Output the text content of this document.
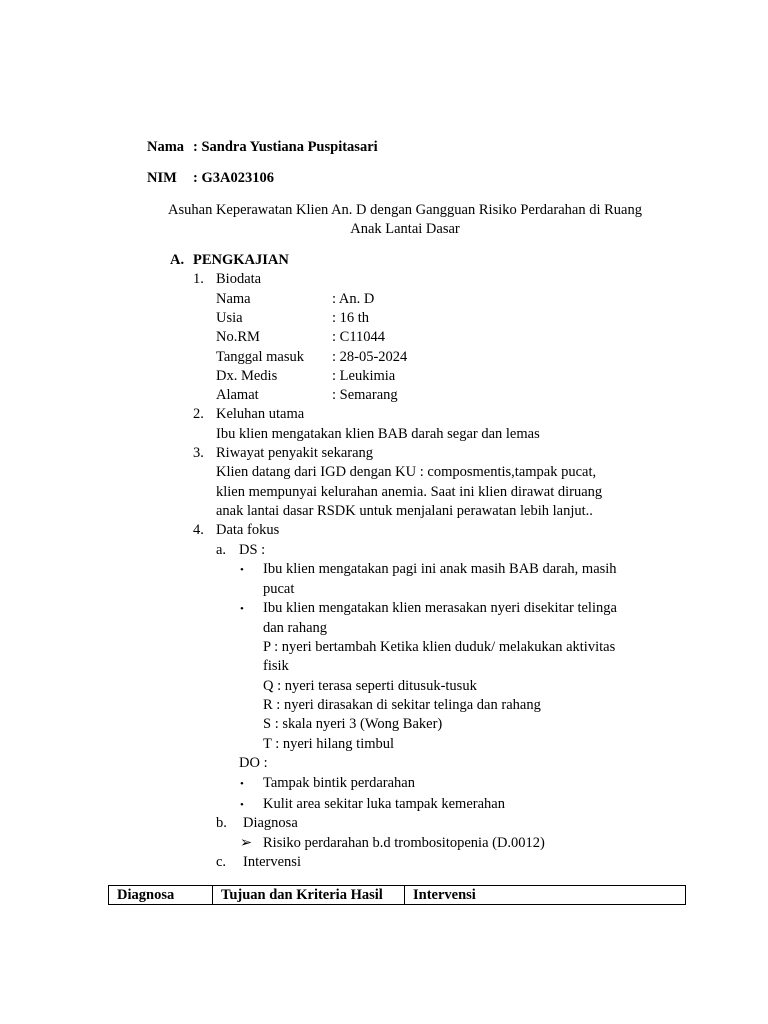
Nama : Sandra Yustiana Puspitasari
NIM : G3A023106
Asuhan Keperawatan Klien An. D dengan Gangguan Risiko Perdarahan di Ruang
Anak Lantai Dasar
A. PENGKAJIAN
1. Biodata
Nama	: An. D
Usia	: 16 th
No.RM	: C11044
Tanggal masuk : 28-05-2024
Dx. Medis	: Leukimia
Alamat	: Semarang
2. Keluhan utama
Ibu klien mengatakan klien BAB darah segar dan lemas
3. Riwayat penyakit sekarang
Klien datang dari IGD dengan KU : composmentis,tampak pucat,
klien mempunyai kelurahan anemia. Saat ini klien dirawat diruang
anak lantai dasar RSDK untuk menjalani perawatan lebih lanjut..
4. Data fokus
a. DS :
• Ibu klien mengatakan pagi ini anak masih BAB darah, masih
pucat
• Ibu klien mengatakan klien merasakan nyeri disekitar telinga
dan rahang
P : nyeri bertambah Ketika klien duduk/ melakukan aktivitas
fisik
Q : nyeri terasa seperti ditusuk-tusuk
R : nyeri dirasakan di sekitar telinga dan rahang
S : skala nyeri 3 (Wong Baker)
T : nyeri hilang timbul
DO :
• Tampak bintik perdarahan
• Kulit area sekitar luka tampak kemerahan
b. Diagnosa
➢ Risiko perdarahan b.d trombositopenia (D.0012)
c. Intervensi
Diagnosa	Tujuan dan Kriteria Hasil	Intervensi
